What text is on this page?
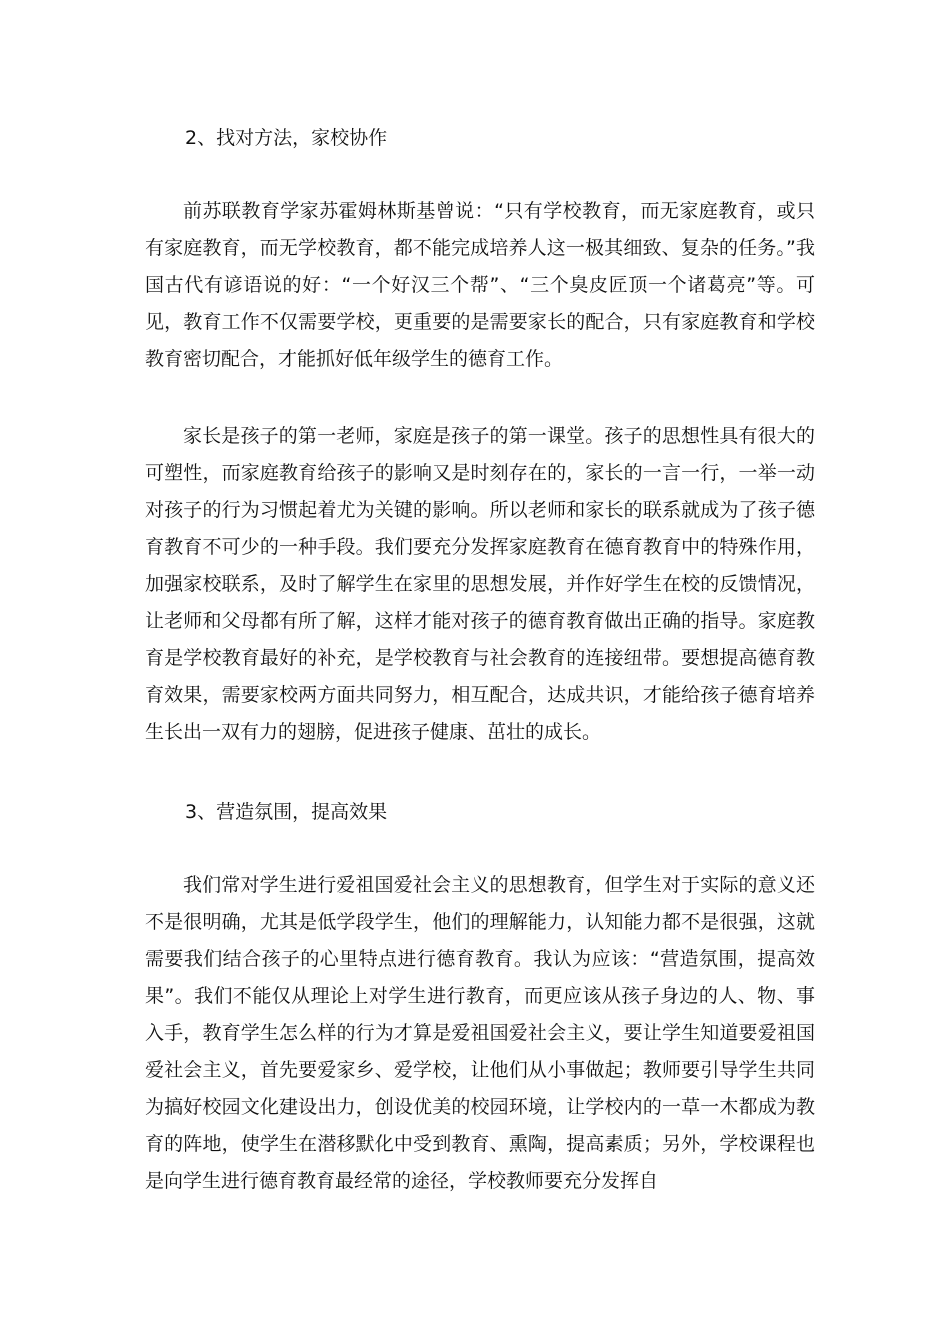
2、找对方法，家校协作

前苏联教育学家苏霍姆林斯基曾说：“只有学校教育，而无家庭教育，或只有家庭教育，而无学校教育，都不能完成培养人这一极其细致、复杂的任务。”我国古代有谚语说的好：“一个好汉三个帮”、“三个臭皮匠顶一个诸葛亮”等。可见，教育工作不仅需要学校，更重要的是需要家长的配合，只有家庭教育和学校教育密切配合，才能抓好低年级学生的德育工作。

家长是孩子的第一老师，家庭是孩子的第一课堂。孩子的思想性具有很大的可塑性，而家庭教育给孩子的影响又是时刻存在的，家长的一言一行，一举一动对孩子的行为习惯起着尤为关键的影响。所以老师和家长的联系就成为了孩子德育教育不可少的一种手段。我们要充分发挥家庭教育在德育教育中的特殊作用，加强家校联系，及时了解学生在家里的思想发展，并作好学生在校的反馈情况，让老师和父母都有所了解，这样才能对孩子的德育教育做出正确的指导。家庭教育是学校教育最好的补充，是学校教育与社会教育的连接纽带。要想提高德育教育效果，需要家校两方面共同努力，相互配合，达成共识，才能给孩子德育培养生长出一双有力的翅膀，促进孩子健康、茁壮的成长。

3、营造氛围，提高效果

我们常对学生进行爱祖国爱社会主义的思想教育，但学生对于实际的意义还不是很明确，尤其是低学段学生，他们的理解能力，认知能力都不是很强，这就需要我们结合孩子的心里特点进行德育教育。我认为应该：“营造氛围，提高效果”。我们不能仅从理论上对学生进行教育，而更应该从孩子身边的人、物、事入手，教育学生怎么样的行为才算是爱祖国爱社会主义，要让学生知道要爱祖国爱社会主义，首先要爱家乡、爱学校，让他们从小事做起；教师要引导学生共同为搞好校园文化建设出力，创设优美的校园环境，让学校内的一草一木都成为教育的阵地，使学生在潜移默化中受到教育、熏陶，提高素质；另外，学校课程也是向学生进行德育教育最经常的途径，学校教师要充分发挥自
